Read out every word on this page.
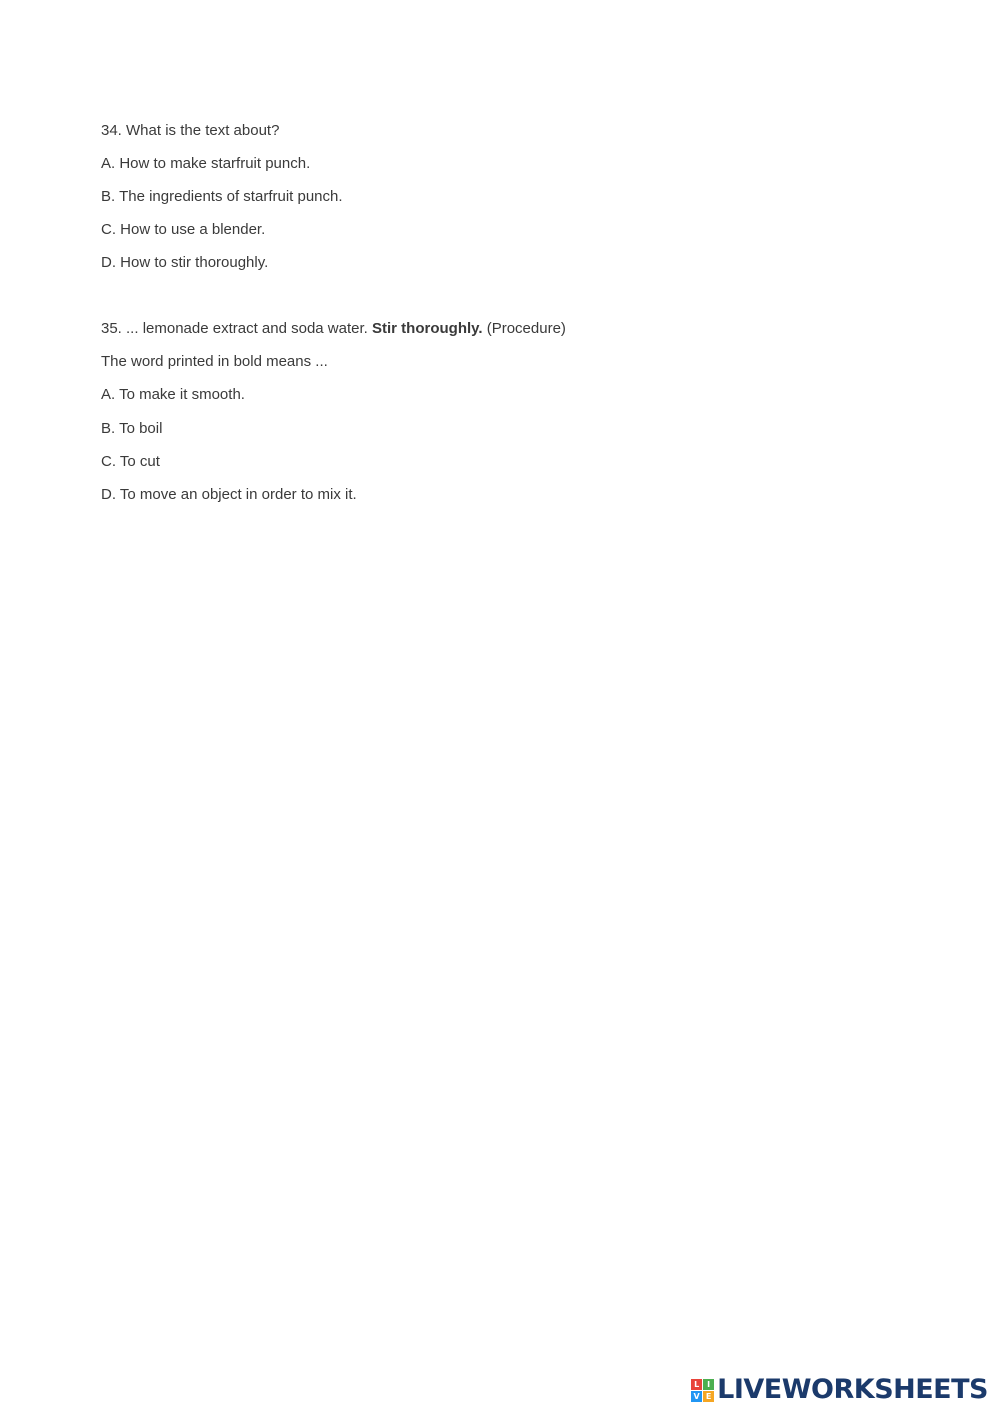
34. What is the text about?
A. How to make starfruit punch.
B. The ingredients of starfruit punch.
C. How to use a blender.
D. How to stir thoroughly.
35. ... lemonade extract and soda water. Stir thoroughly. (Procedure)
The word printed in bold means ...
A. To make it smooth.
B. To boil
C. To cut
D. To move an object in order to mix it.
L I
V E LIVEWORKSHEETS
